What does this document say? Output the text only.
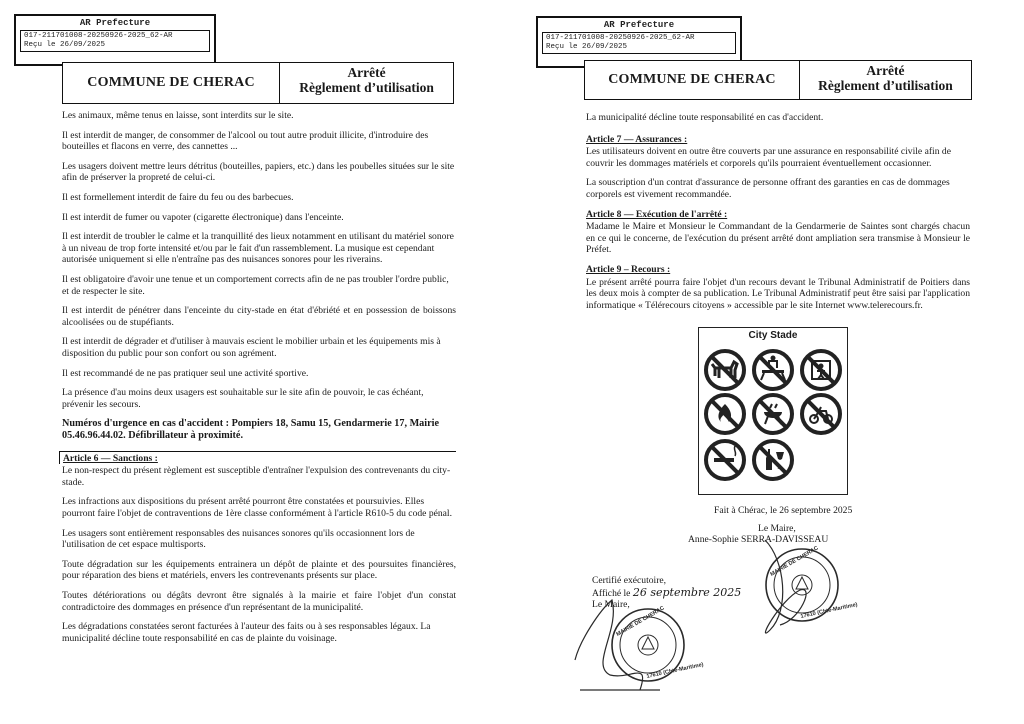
AR Prefecture
017-211701008-20250926-2025_62-AR
Reçu le 26/09/2025
COMMUNE DE CHERAC
Arrêté
Règlement d’utilisation

Les animaux, même tenus en laisse, sont interdits sur le site.

Il est interdit de manger, de consommer de l'alcool ou tout autre produit illicite, d'introduire des bouteilles et flacons en verre, des cannettes ...

Les usagers doivent mettre leurs détritus (bouteilles, papiers, etc.) dans les poubelles situées sur le site afin de préserver la propreté de celui-ci.

Il est formellement interdit de faire du feu ou des barbecues.

Il est interdit de fumer ou vapoter (cigarette électronique) dans l'enceinte.

Il est interdit de troubler le calme et la tranquillité des lieux notamment en utilisant du matériel sonore à un niveau de trop forte intensité et/ou par le fait d'un rassemblement. La musique est cependant autorisée uniquement si elle n'entraîne pas des nuisances sonores pour les riverains.

Il est obligatoire d'avoir une tenue et un comportement corrects afin de ne pas troubler l'ordre public, et de respecter le site.

Il est interdit de pénétrer dans l'enceinte du city-stade en état d'ébriété et en possession de boissons alcoolisées ou de stupéfiants.

Il est interdit de dégrader et d'utiliser à mauvais escient le mobilier urbain et les équipements mis à disposition du public pour son confort ou son agrément.

Il est recommandé de ne pas pratiquer seul une activité sportive.

La présence d'au moins deux usagers est souhaitable sur le site afin de pouvoir, le cas échéant, prévenir les secours.

Numéros d'urgence en cas d'accident : Pompiers 18, Samu 15, Gendarmerie 17, Mairie 05.46.96.44.02. Défibrillateur à proximité.

Article 6 — Sanctions :

Le non-respect du présent règlement est susceptible d'entraîner l'expulsion des contrevenants du city-stade.

Les infractions aux dispositions du présent arrêté pourront être constatées et poursuivies. Elles pourront faire l'objet de contraventions de 1ère classe conformément à l'article R610-5 du code pénal.

Les usagers sont entièrement responsables des nuisances sonores qu'ils occasionnent lors de l'utilisation de cet espace multisports.

Toute dégradation sur les équipements entrainera un dépôt de plainte et des poursuites financières, pour réparation des biens et matériels, envers les contrevenants présents sur place.

Toutes détériorations ou dégâts devront être signalés à la mairie et faire l'objet d'un constat contradictoire des dommages en présence d'un représentant de la municipalité.

Les dégradations constatées seront facturées à l'auteur des faits ou à ses responsables légaux. La municipalité décline toute responsabilité en cas de plainte du voisinage.

AR Prefecture
017-211701008-20250926-2025_62-AR
Reçu le 26/09/2025
COMMUNE DE CHERAC
Arrêté
Règlement d’utilisation

La municipalité décline toute responsabilité en cas d'accident.

Article 7 — Assurances :

Les utilisateurs doivent en outre être couverts par une assurance en responsabilité civile afin de couvrir les dommages matériels et corporels qu'ils pourraient éventuellement occasionner.

La souscription d'un contrat d'assurance de personne offrant des garanties en cas de dommages corporels est vivement recommandée.

Article 8 — Exécution de l'arrêté :

Madame le Maire et Monsieur le Commandant de la Gendarmerie de Saintes sont chargés chacun en ce qui le concerne, de l'exécution du présent arrêté dont ampliation sera transmise à Monsieur le Préfet.

Article 9 – Recours :

Le présent arrêté pourra faire l'objet d'un recours devant le Tribunal Administratif de Poitiers dans les deux mois à compter de sa publication. Le Tribunal Administratif peut être saisi par l'application informatique « Télérecours citoyens » accessible par le site Internet www.telerecours.fr.

Fait à Chérac, le 26 septembre 2025
Le Maire,
Anne-Sophie SERRA-DAVISSEAU
Certifié exécutoire,
Affiché le 26 septembre 2025
Le Maire,
City Stade
MAIRIE DE CHERAC
17610 (Chte-Maritime)
MAIRIE DE CHERAC
17610 (Chte-Maritime)
